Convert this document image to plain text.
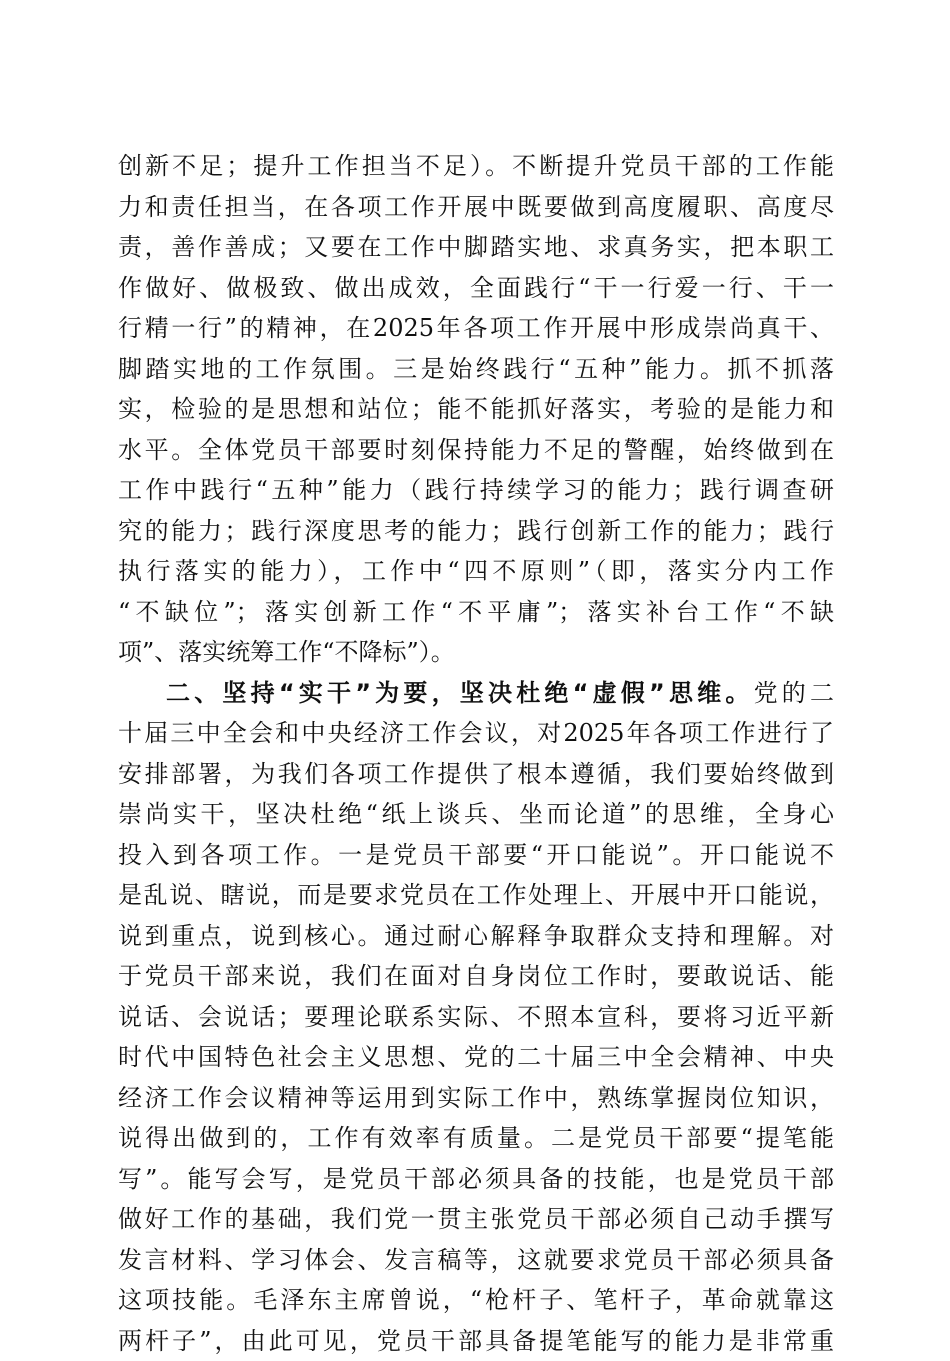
创新不足；提升工作担当不足）。不断提升党员干部的工作能
力和责任担当，在各项工作开展中既要做到高度履职、高度尽
责，善作善成；又要在工作中脚踏实地、求真务实，把本职工
作做好、做极致、做出成效，全面践行“干一行爱一行、干一
行精一行”的精神，在2025年各项工作开展中形成崇尚真干、
脚踏实地的工作氛围。三是始终践行“五种”能力。抓不抓落
实，检验的是思想和站位；能不能抓好落实，考验的是能力和
水平。全体党员干部要时刻保持能力不足的警醒，始终做到在
工作中践行“五种”能力（践行持续学习的能力；践行调查研
究的能力；践行深度思考的能力；践行创新工作的能力；践行
执行落实的能力），工作中“四不原则”（即，落实分内工作
“不缺位”；落实创新工作“不平庸”；落实补台工作“不缺
项”、落实统筹工作“不降标”）。
二、坚持“实干”为要，坚决杜绝“虚假”思维。党的二
十届三中全会和中央经济工作会议，对2025年各项工作进行了
安排部署，为我们各项工作提供了根本遵循，我们要始终做到
崇尚实干，坚决杜绝“纸上谈兵、坐而论道”的思维，全身心
投入到各项工作。一是党员干部要“开口能说”。开口能说不
是乱说、瞎说，而是要求党员在工作处理上、开展中开口能说，
说到重点，说到核心。通过耐心解释争取群众支持和理解。对
于党员干部来说，我们在面对自身岗位工作时，要敢说话、能
说话、会说话；要理论联系实际、不照本宣科，要将习近平新
时代中国特色社会主义思想、党的二十届三中全会精神、中央
经济工作会议精神等运用到实际工作中，熟练掌握岗位知识，
说得出做到的，工作有效率有质量。二是党员干部要“提笔能
写”。能写会写，是党员干部必须具备的技能，也是党员干部
做好工作的基础，我们党一贯主张党员干部必须自己动手撰写
发言材料、学习体会、发言稿等，这就要求党员干部必须具备
这项技能。毛泽东主席曾说，“枪杆子、笔杆子，革命就靠这
两杆子”，由此可见，党员干部具备提笔能写的能力是非常重
